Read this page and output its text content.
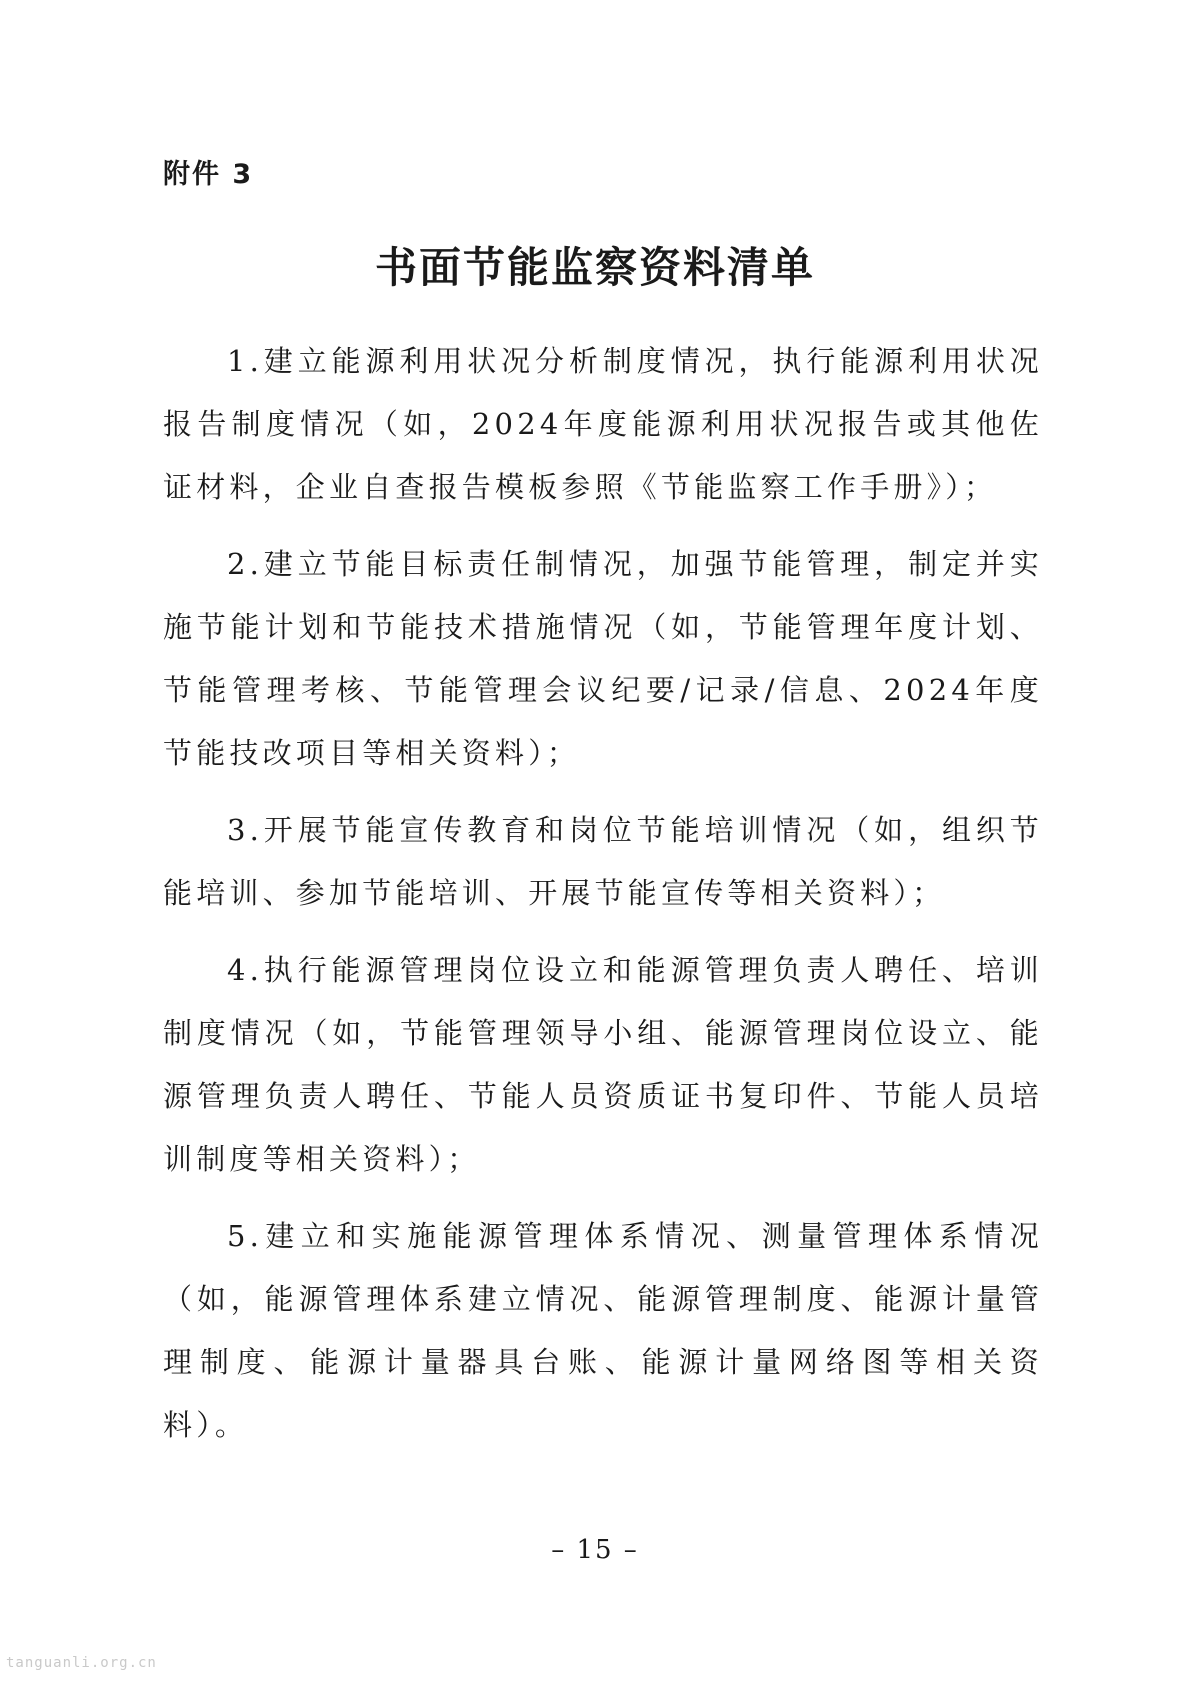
附件 3
书面节能监察资料清单

1.建立能源利用状况分析制度情况，执行能源利用状况报告制度情况（如，2024年度能源利用状况报告或其他佐证材料，企业自查报告模板参照《节能监察工作手册》）；

2.建立节能目标责任制情况，加强节能管理，制定并实施节能计划和节能技术措施情况（如，节能管理年度计划、节能管理考核、节能管理会议纪要/记录/信息、2024年度节能技改项目等相关资料）；

3.开展节能宣传教育和岗位节能培训情况（如，组织节能培训、参加节能培训、开展节能宣传等相关资料）；

4.执行能源管理岗位设立和能源管理负责人聘任、培训制度情况（如，节能管理领导小组、能源管理岗位设立、能源管理负责人聘任、节能人员资质证书复印件、节能人员培训制度等相关资料）；

5.建立和实施能源管理体系情况、测量管理体系情况（如，能源管理体系建立情况、能源管理制度、能源计量管理制度、能源计量器具台账、能源计量网络图等相关资料）。

– 15 –
tanguanli.org.cn
